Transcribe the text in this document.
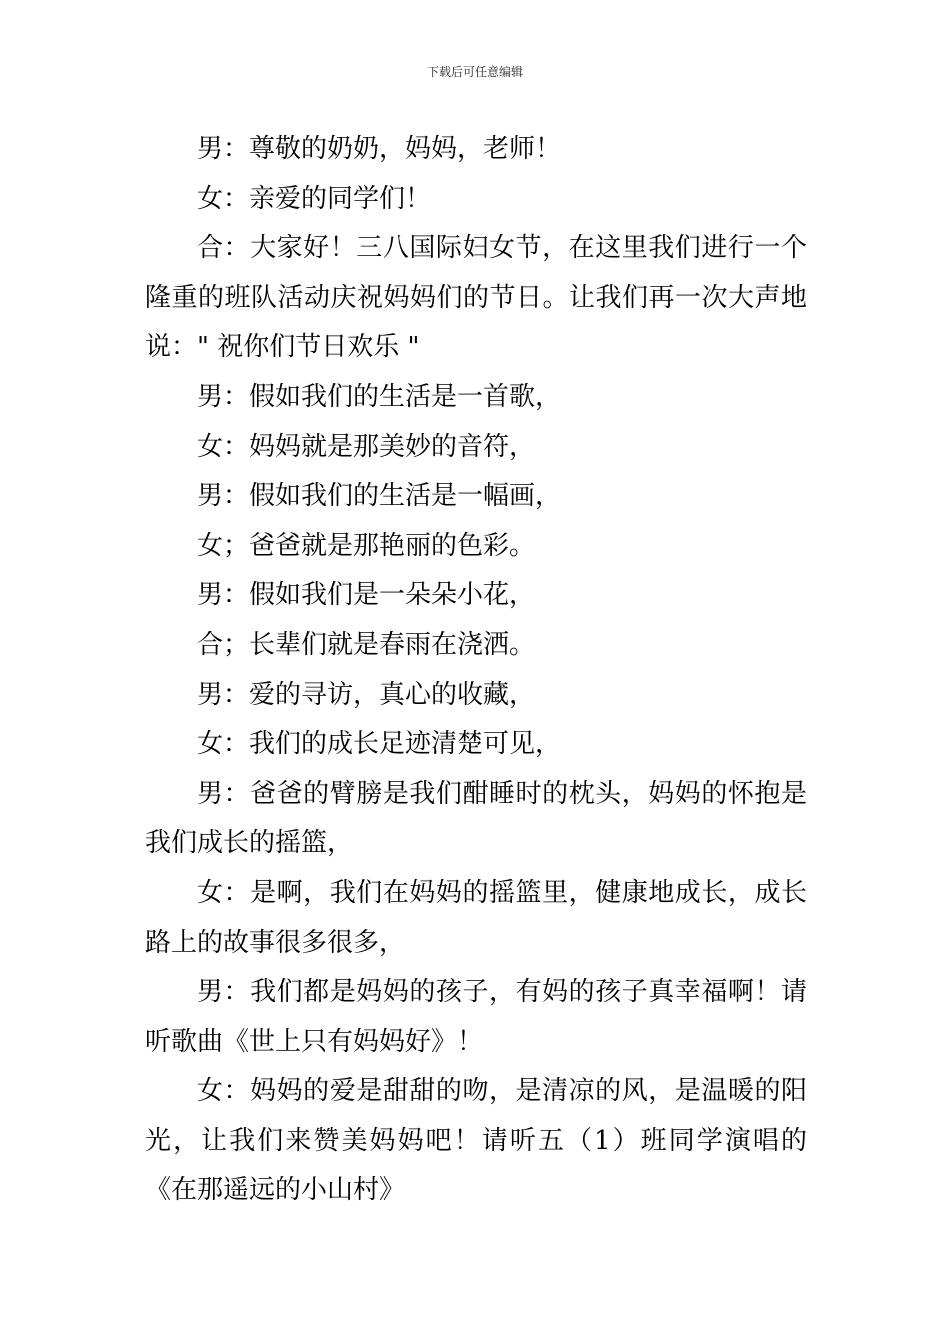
下载后可任意编辑

男：尊敬的奶奶，妈妈，老师！

女：亲爱的同学们！

合：大家好！三八国际妇女节，在这里我们进行一个隆重的班队活动庆祝妈妈们的节日。让我们再一次大声地说：" 祝你们节日欢乐 "

男：假如我们的生活是一首歌，

女：妈妈就是那美妙的音符，

男：假如我们的生活是一幅画，

女；爸爸就是那艳丽的色彩。

男：假如我们是一朵朵小花，

合；长辈们就是春雨在浇洒。

男：爱的寻访，真心的收藏，

女：我们的成长足迹清楚可见，

男：爸爸的臂膀是我们酣睡时的枕头，妈妈的怀抱是我们成长的摇篮，

女：是啊，我们在妈妈的摇篮里，健康地成长，成长路上的故事很多很多，

男：我们都是妈妈的孩子，有妈的孩子真幸福啊！请听歌曲《世上只有妈妈好》！

女：妈妈的爱是甜甜的吻，是清凉的风，是温暖的阳光，让我们来赞美妈妈吧！请听五（1）班同学演唱的《在那遥远的小山村》
